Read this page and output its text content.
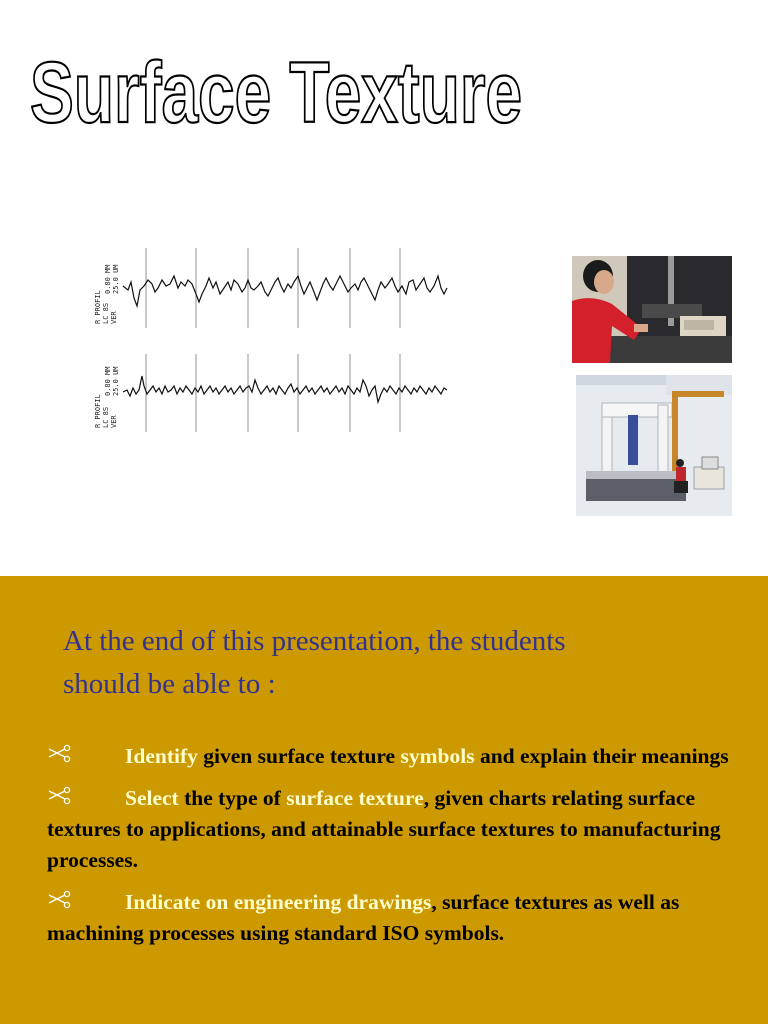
Surface Texture
0.80 MM 25.0 UM
R PROFIL LC 8S VER
0.80 MM 25.0 UM
R PROFIL LC 8S VER
At the end of this presentation, the students
should be able to :
Identify given surface texture symbols and explain their meanings
Select the type of surface texture, given charts relating surface textures to applications, and attainable surface textures to manufacturing processes.
Indicate on engineering drawings, surface textures as well as machining processes using standard ISO symbols.
